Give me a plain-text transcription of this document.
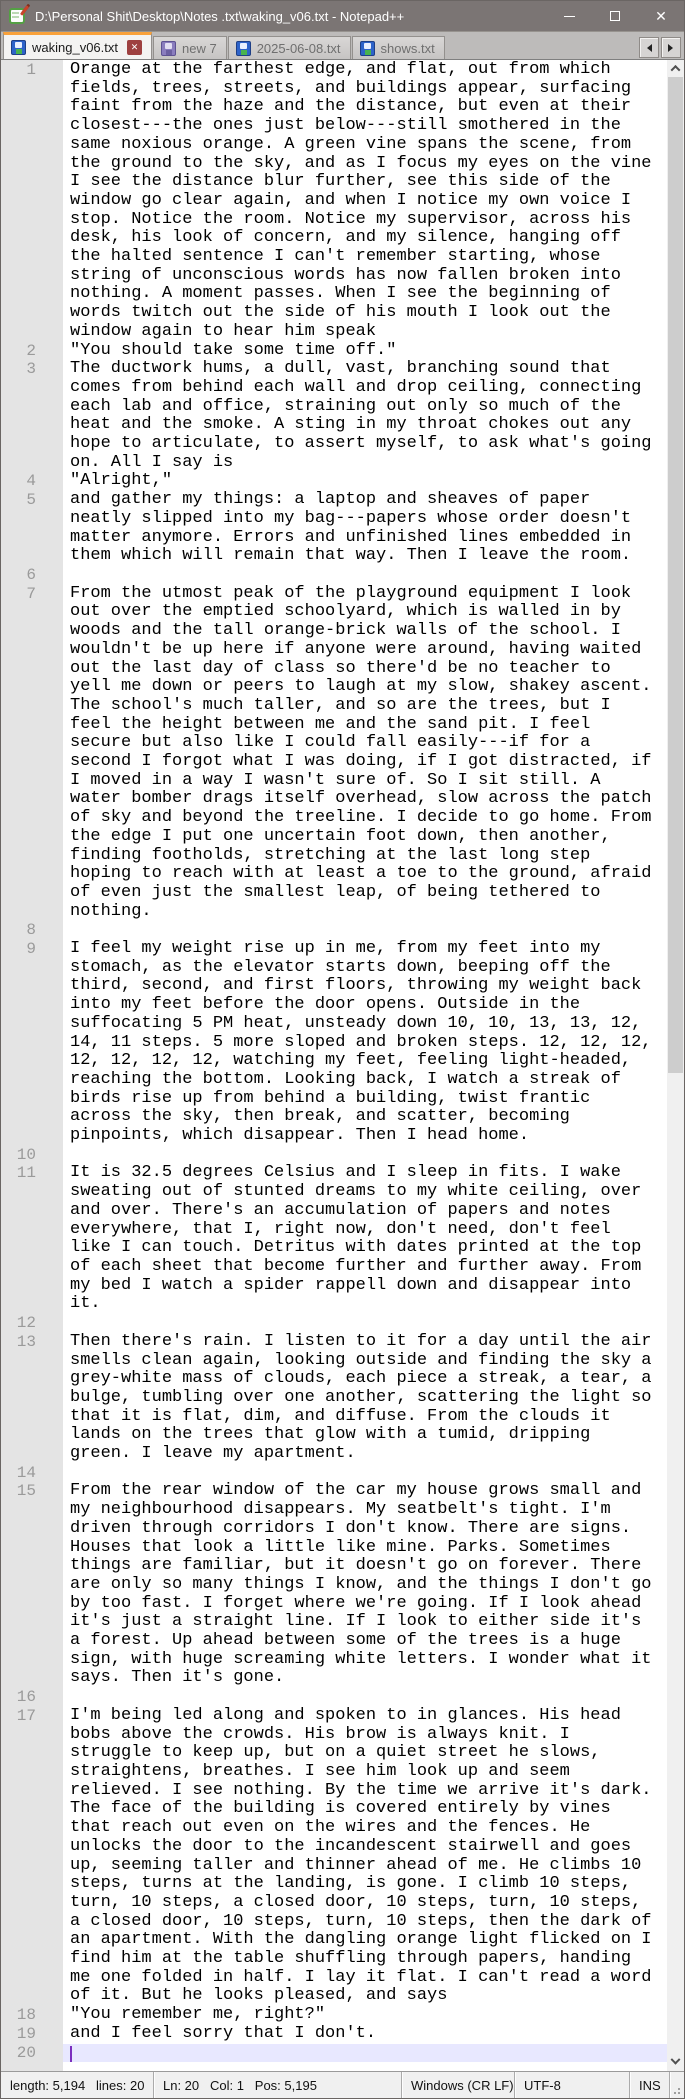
D:\Personal Shit\Desktop\Notes .txt\waking_v06.txt - Notepad++	✕
waking_v06.txt	✕	new 7	2025-06-08.txt	shows.txt
1	Orange at the farthest edge, and flat, out from which fields, trees, streets, and buildings appear, surfacing faint from the haze and the distance, but even at their closest---the ones just below---still smothered in the same noxious orange. A green vine spans the scene, from the ground to the sky, and as I focus my eyes on the vine I see the distance blur further, see this side of the window go clear again, and when I notice my own voice I stop. Notice the room. Notice my supervisor, across his desk, his look of concern, and my silence, hanging off the halted sentence I can't remember starting, whose string of unconscious words has now fallen broken into nothing. A moment passes. When I see the beginning of words twitch out the side of his mouth I look out the window again to hear him speak
2	"You should take some time off."
3	The ductwork hums, a dull, vast, branching sound that comes from behind each wall and drop ceiling, connecting each lab and office, straining out only so much of the heat and the smoke. A sting in my throat chokes out any hope to articulate, to assert myself, to ask what's going on. All I say is
4	"Alright,"
5	and gather my things: a laptop and sheaves of paper neatly slipped into my bag---papers whose order doesn't matter anymore. Errors and unfinished lines embedded in them which will remain that way. Then I leave the room.
6
7	From the utmost peak of the playground equipment I look out over the emptied schoolyard, which is walled in by woods and the tall orange-brick walls of the school. I wouldn't be up here if anyone were around, having waited out the last day of class so there'd be no teacher to yell me down or peers to laugh at my slow, shakey ascent. The school's much taller, and so are the trees, but I feel the height between me and the sand pit. I feel secure but also like I could fall easily---if for a second I forgot what I was doing, if I got distracted, if I moved in a way I wasn't sure of. So I sit still. A water bomber drags itself overhead, slow across the patch of sky and beyond the treeline. I decide to go home. From the edge I put one uncertain foot down, then another, finding footholds, stretching at the last long step hoping to reach with at least a toe to the ground, afraid of even just the smallest leap, of being tethered to nothing.
8
9	I feel my weight rise up in me, from my feet into my stomach, as the elevator starts down, beeping off the third, second, and first floors, throwing my weight back into my feet before the door opens. Outside in the suffocating 5 PM heat, unsteady down 10, 10, 13, 13, 12, 14, 11 steps. 5 more sloped and broken steps. 12, 12, 12, 12, 12, 12, 12, watching my feet, feeling light-headed, reaching the bottom. Looking back, I watch a streak of birds rise up from behind a building, twist frantic across the sky, then break, and scatter, becoming pinpoints, which disappear. Then I head home.
10
11	It is 32.5 degrees Celsius and I sleep in fits. I wake sweating out of stunted dreams to my white ceiling, over and over. There's an accumulation of papers and notes everywhere, that I, right now, don't need, don't feel like I can touch. Detritus with dates printed at the top of each sheet that become further and further away. From my bed I watch a spider rappell down and disappear into it.
12
13	Then there's rain. I listen to it for a day until the air smells clean again, looking outside and finding the sky a grey-white mass of clouds, each piece a streak, a tear, a bulge, tumbling over one another, scattering the light so that it is flat, dim, and diffuse. From the clouds it lands on the trees that glow with a tumid, dripping green. I leave my apartment.
14
15	From the rear window of the car my house grows small and my neighbourhood disappears. My seatbelt's tight. I'm driven through corridors I don't know. There are signs. Houses that look a little like mine. Parks. Sometimes things are familiar, but it doesn't go on forever. There are only so many things I know, and the things I don't go by too fast. I forget where we're going. If I look ahead it's just a straight line. If I look to either side it's a forest. Up ahead between some of the trees is a huge sign, with huge screaming white letters. I wonder what it says. Then it's gone.
16
17	I'm being led along and spoken to in glances. His head bobs above the crowds. His brow is always knit. I struggle to keep up, but on a quiet street he slows, straightens, breathes. I see him look up and seem relieved. I see nothing. By the time we arrive it's dark. The face of the building is covered entirely by vines that reach out even on the wires and the fences. He unlocks the door to the incandescent stairwell and goes up, seeming taller and thinner ahead of me. He climbs 10 steps, turns at the landing, is gone. I climb 10 steps, turn, 10 steps, a closed door, 10 steps, turn, 10 steps, a closed door, 10 steps, turn, 10 steps, then the dark of an apartment. With the dangling orange light flicked on I find him at the table shuffling through papers, handing me one folded in half. I lay it flat. I can't read a word of it. But he looks pleased, and says
18	"You remember me, right?"
19	and I feel sorry that I don't.
20
length: 5,194   lines: 20	Ln: 20   Col: 1   Pos: 5,195	Windows (CR LF) UTF-8	INS
